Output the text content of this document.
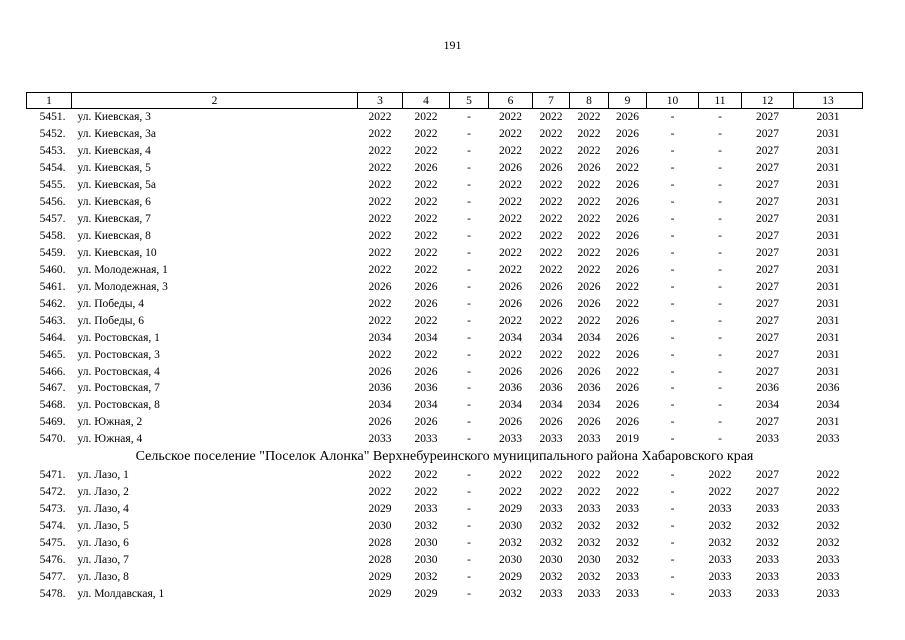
191
1	2	3	4	5	6	7	8	9	10	11	12	13
5451.	ул. Киевская, 3	2022	2022	-	2022	2022	2022	2026	-	-	2027	2031
5452.	ул. Киевская, 3а	2022	2022	-	2022	2022	2022	2026	-	-	2027	2031
5453.	ул. Киевская, 4	2022	2022	-	2022	2022	2022	2026	-	-	2027	2031
5454.	ул. Киевская, 5	2022	2026	-	2026	2026	2026	2022	-	-	2027	2031
5455.	ул. Киевская, 5а	2022	2022	-	2022	2022	2022	2026	-	-	2027	2031
5456.	ул. Киевская, 6	2022	2022	-	2022	2022	2022	2026	-	-	2027	2031
5457.	ул. Киевская, 7	2022	2022	-	2022	2022	2022	2026	-	-	2027	2031
5458.	ул. Киевская, 8	2022	2022	-	2022	2022	2022	2026	-	-	2027	2031
5459.	ул. Киевская, 10	2022	2022	-	2022	2022	2022	2026	-	-	2027	2031
5460.	ул. Молодежная, 1	2022	2022	-	2022	2022	2022	2026	-	-	2027	2031
5461.	ул. Молодежная, 3	2026	2026	-	2026	2026	2026	2022	-	-	2027	2031
5462.	ул. Победы, 4	2022	2026	-	2026	2026	2026	2022	-	-	2027	2031
5463.	ул. Победы, 6	2022	2022	-	2022	2022	2022	2026	-	-	2027	2031
5464.	ул. Ростовская, 1	2034	2034	-	2034	2034	2034	2026	-	-	2027	2031
5465.	ул. Ростовская, 3	2022	2022	-	2022	2022	2022	2026	-	-	2027	2031
5466.	ул. Ростовская, 4	2026	2026	-	2026	2026	2026	2022	-	-	2027	2031
5467.	ул. Ростовская, 7	2036	2036	-	2036	2036	2036	2026	-	-	2036	2036
5468.	ул. Ростовская, 8	2034	2034	-	2034	2034	2034	2026	-	-	2034	2034
5469.	ул. Южная, 2	2026	2026	-	2026	2026	2026	2026	-	-	2027	2031
5470.	ул. Южная, 4	2033	2033	-	2033	2033	2033	2019	-	-	2033	2033
Сельское поселение "Поселок Алонка" Верхнебуреинского муниципального района Хабаровского края												
5471.	ул. Лазо, 1	2022	2022	-	2022	2022	2022	2022	-	2022	2027	2022
5472.	ул. Лазо, 2	2022	2022	-	2022	2022	2022	2022	-	2022	2027	2022
5473.	ул. Лазо, 4	2029	2033	-	2029	2033	2033	2033	-	2033	2033	2033
5474.	ул. Лазо, 5	2030	2032	-	2030	2032	2032	2032	-	2032	2032	2032
5475.	ул. Лазо, 6	2028	2030	-	2032	2032	2032	2032	-	2032	2032	2032
5476.	ул. Лазо, 7	2028	2030	-	2030	2030	2030	2032	-	2033	2033	2033
5477.	ул. Лазо, 8	2029	2032	-	2029	2032	2032	2033	-	2033	2033	2033
5478.	ул. Молдавская, 1	2029	2029	-	2032	2033	2033	2033	-	2033	2033	2033
